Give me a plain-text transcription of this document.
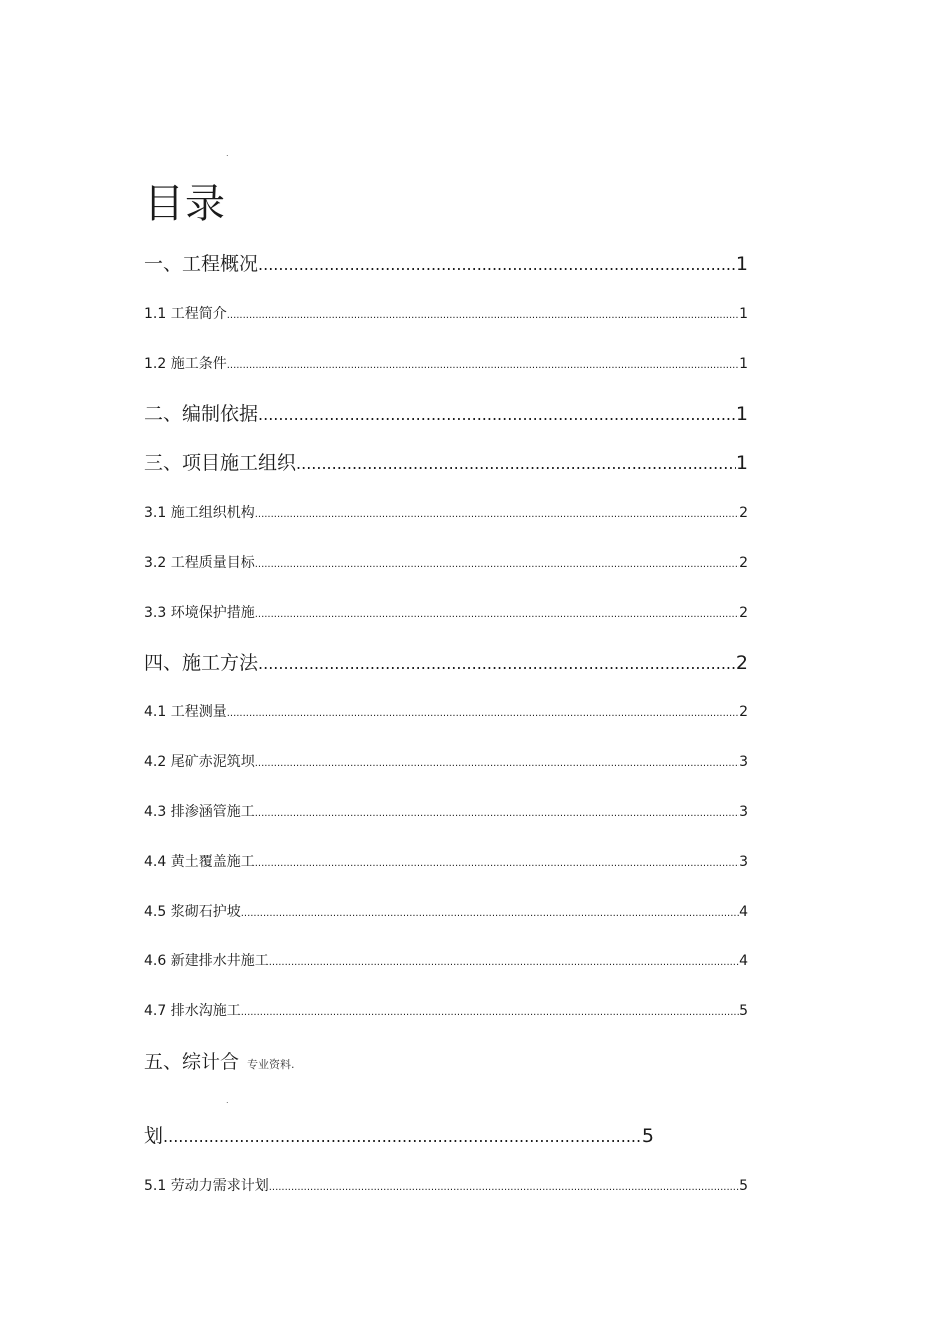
.
目录
一、工程概况 .....	1
1.1 工程简介 .....	1
1.2 施工条件 .....	1
二、编制依据 .....	1
三、项目施工组织 .....	1
3.1 施工组织机构 .....	2
3.2 工程质量目标 .....	2
3.3 环境保护措施 .....	2
四、施工方法 .....	2
4.1 工程测量 .....	2
4.2 尾矿赤泥筑坝 .....	3
4.3 排渗涵管施工 .....	3
4.4 黄土覆盖施工 .....	3
4.5 浆砌石护坡 .....	4
4.6 新建排水井施工 .....	4
4.7 排水沟施工 .....	5
五、综计合 专业资料.
.
划 .....	5
5.1 劳动力需求计划 .....	5
